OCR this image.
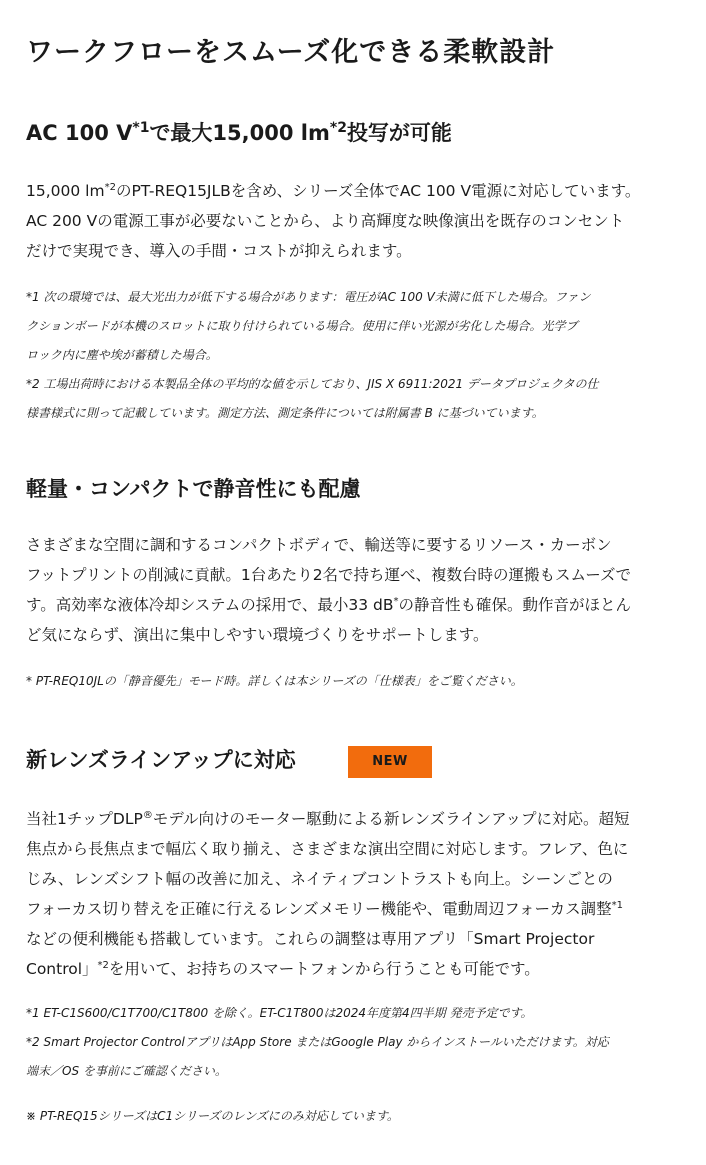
ワークフローをスムーズ化できる柔軟設計
AC 100 $V^{*1}$で最大15,000 $lm^{*2}$投写が可能

15,000 $lm^{*2}$のPT-REQ15JLBを含め、シリーズ全体でAC 100 V電源に対応しています。
AC 200 Vの電源工事が必要ないことから、より高輝度な映像演出を既存のコンセント
だけで実現でき、導入の手間・コストが抑えられます。

*1 次の環境では、最大光出力が低下する場合があります：電圧がAC 100 V未満に低下した場合。ファン
クションボードが本機のスロットに取り付けられている場合。使用に伴い光源が劣化した場合。光学ブ
ロック内に塵や埃が蓄積した場合。
*2 工場出荷時における本製品全体の平均的な値を示しており、JIS X 6911:2021 データプロジェクタの仕
様書様式に則って記載しています。測定方法、測定条件については附属書 B に基づいています。

軽量・コンパクトで静音性にも配慮

さまざまな空間に調和するコンパクトボディで、輸送等に要するリソース・カーボン
フットプリントの削減に貢献。1台あたり2名で持ち運べ、複数台時の運搬もスムーズで
す。高効率な液体冷却システムの採用で、最小33 dB*の静音性も確保。動作音がほとん
ど気にならず、演出に集中しやすい環境づくりをサポートします。

* PT-REQ10JLの「静音優先」モード時。詳しくは本シリーズの「仕様表」をご覧ください。

新レンズラインアップに対応	NEW

当社1チップDLP®モデル向けのモーター駆動による新レンズラインアップに対応。超短
焦点から長焦点まで幅広く取り揃え、さまざまな演出空間に対応します。フレア、色に
じみ、レンズシフト幅の改善に加え、ネイティブコントラストも向上。シーンごとの
フォーカス切り替えを正確に行えるレンズメモリー機能や、電動周辺フォーカス調整$^{*1}$
などの便利機能も搭載しています。これらの調整は専用アプリ「Smart Projector
Control」$^{*2}$を用いて、お持ちのスマートフォンから行うことも可能です。

*1 ET-C1S600/C1T700/C1T800 を除く。ET-C1T800は2024年度第4四半期 発売予定です。
*2 Smart Projector ControlアプリはApp Store またはGoogle Play からインストールいただけます。対応
端末／OS を事前にご確認ください。

※ PT-REQ15シリーズはC1シリーズのレンズにのみ対応しています。
